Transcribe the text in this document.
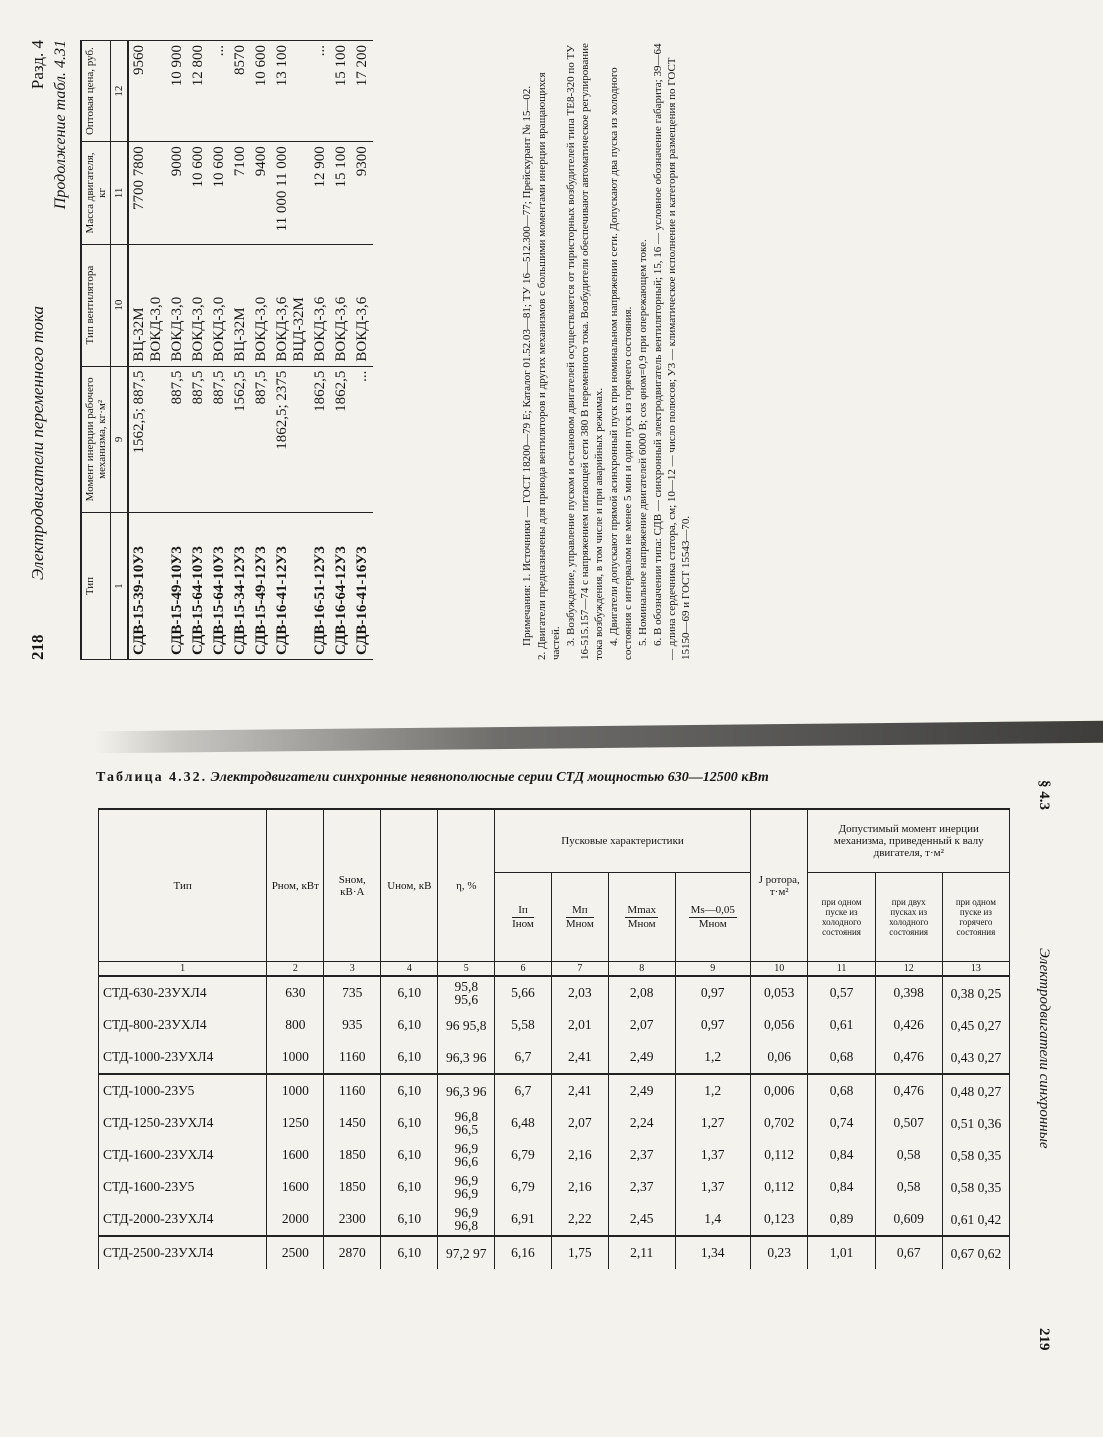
218
Электродвигатели переменного тока
Разд. 4 Продолжение табл. 4.31
Тип	Момент инерции рабочего механизма, кг·м²	Тип вентилятора	Масса двигателя, кг	Оптовая цена, руб.
1	9	10	11	12
СДВ-15-39-10У3	1562,5; 887,5	ВЦ-32М ВОКД-3,0	7700 7800	9560
СДВ-15-49-10У3	887,5	ВОКД-3,0	9000	10 900
СДВ-15-64-10У3	887,5	ВОКД-3,0	10 600	12 800
СДВ-15-64-10У3	887,5	ВОКД-3,0	10 600	...
СДВ-15-34-12У3	1562,5	ВЦ-32М	7100	8570
СДВ-15-49-12У3	887,5	ВОКД-3,0	9400	10 600
СДВ-16-41-12У3	1862,5; 2375	ВОКД-3,6 ВЦД-32М	11 000 11 000	13 100
СДВ-16-51-12У3	1862,5	ВОКД-3,6	12 900	...
СДВ-16-64-12У3	1862,5	ВОКД-3,6	15 100	15 100
СДВ-16-41-16У3	...	ВОКД-3,6	9300	17 200
Примечания: 1. Источники — ГОСТ 18200—79 Е; Каталог 01.52.03—81; ТУ 16—512.300—77; Прейскурант № 15—02. 2. Двигатели предназначены для привода вентиляторов и других механизмов с большими моментами инерции вращающихся частей. 3. Возбуждение, управление пуском и остановом двигателей осуществляется от тиристорных возбудителей типа ТЕ8-320 по ТУ 16-515.157—74 с напряжением питающей сети 380 В переменного тока. Возбудители обеспечивают автоматическое регулирование тока возбуждения, в том числе и при аварийных режимах. 4. Двигатели допускают прямой асинхронный пуск при номинальном напряжении сети. Допускают два пуска из холодного состояния с интервалом не менее 5 мин и один пуск из горячего состояния. 5. Номинальное напряжение двигателей 6000 В; cos φном=0,9 при опережающем токе. 6. В обозначении типа: СДВ — синхронный электродвигатель вентиляторный; 15, 16 — условное обозначение габарита; 39—64 — длина сердечника статора, см; 10—12 — число полюсов; У3 — климатическое исполнение и категория размещения по ГОСТ 15150—69 и ГОСТ 15543—70.
Таблица 4.32. Электродвигатели синхронные неявнополюсные серии СТД мощностью 630—12500 кВт
§ 4.3
Электродвигатели синхронные
219
Тип	Pном, кВт	Sном, кВ·А	Uном, кВ	η, %	Пусковые характеристики				J ротора, т·м²	Допустимый момент инерции механизма, приведенный к валу двигателя, т·м²		

					$\frac{Iп}{\text{Iном}}$	$\frac{Mп}{\text{Mном}}$	$\frac{Mmax}{\text{Mном}}$	$\frac{Ms—0,05}{\text{Mном}}$		при одном пуске из холодного состояния	при двух пусках из холодного состояния	при одном пуске из горячего состояния
1	2	3	4	5	6	7	8	9	10	11	12	13
СТД-630-23УХЛ4	630	735	6,10	95,8 95,6	5,66	2,03	2,08	0,97	0,053	0,57	0,398	0,38 0,25
СТД-800-23УХЛ4	800	935	6,10	96 95,8	5,58	2,01	2,07	0,97	0,056	0,61	0,426	0,45 0,27
СТД-1000-23УХЛ4	1000	1160	6,10	96,3 96	6,7	2,41	2,49	1,2	0,06	0,68	0,476	0,43 0,27
СТД-1000-23У5	1000	1160	6,10	96,3 96	6,7	2,41	2,49	1,2	0,006	0,68	0,476	0,48 0,27
СТД-1250-23УХЛ4	1250	1450	6,10	96,8 96,5	6,48	2,07	2,24	1,27	0,702	0,74	0,507	0,51 0,36
СТД-1600-23УХЛ4	1600	1850	6,10	96,9 96,6	6,79	2,16	2,37	1,37	0,112	0,84	0,58	0,58 0,35
СТД-1600-23У5	1600	1850	6,10	96,9 96,9	6,79	2,16	2,37	1,37	0,112	0,84	0,58	0,58 0,35
СТД-2000-23УХЛ4	2000	2300	6,10	96,9 96,8	6,91	2,22	2,45	1,4	0,123	0,89	0,609	0,61 0,42
СТД-2500-23УХЛ4	2500	2870	6,10	97,2 97	6,16	1,75	2,11	1,34	0,23	1,01	0,67	0,67 0,62
